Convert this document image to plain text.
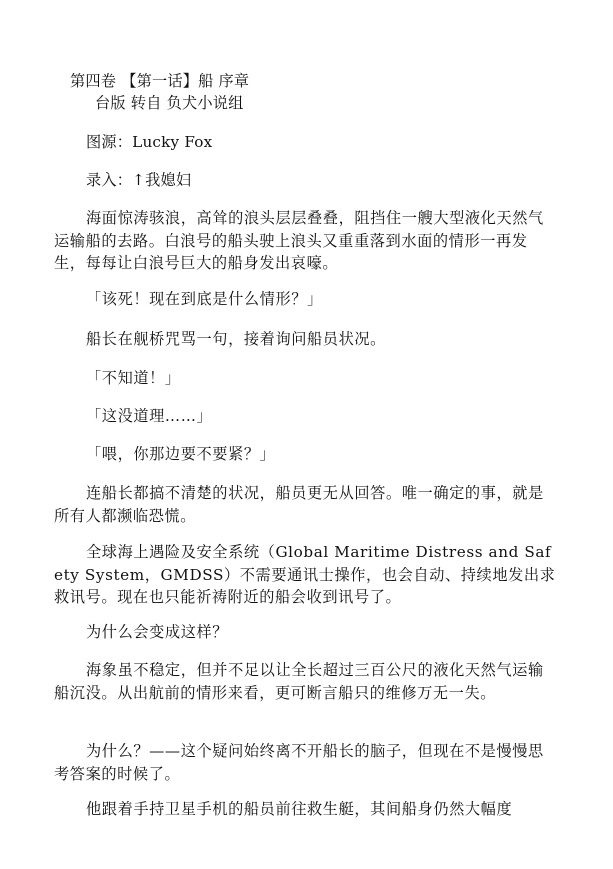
第四卷 【第一话】船 序章
台版 转自 负犬小说组
图源：Lucky Fox
录入：↑我媳妇
海面惊涛骇浪，高耸的浪头层层叠叠，阻挡住一艘大型液化天然气运输船的去路。白浪号的船头驶上浪头又重重落到水面的情形一再发生，每每让白浪号巨大的船身发出哀嚎。
「该死！现在到底是什么情形？」
船长在舰桥咒骂一句，接着询问船员状况。
「不知道！」
「这没道理……」
「喂，你那边要不要紧？」
连船长都搞不清楚的状况，船员更无从回答。唯一确定的事，就是所有人都濒临恐慌。
全球海上遇险及安全系统（Global Maritime Distress and Safety System，GMDSS）不需要通讯士操作，也会自动、持续地发出求救讯号。现在也只能祈祷附近的船会收到讯号了。
为什么会变成这样？
海象虽不稳定，但并不足以让全长超过三百公尺的液化天然气运输船沉没。从出航前的情形来看，更可断言船只的维修万无一失。
为什么？——这个疑问始终离不开船长的脑子，但现在不是慢慢思考答案的时候了。
他跟着手持卫星手机的船员前往救生艇，其间船身仍然大幅度
